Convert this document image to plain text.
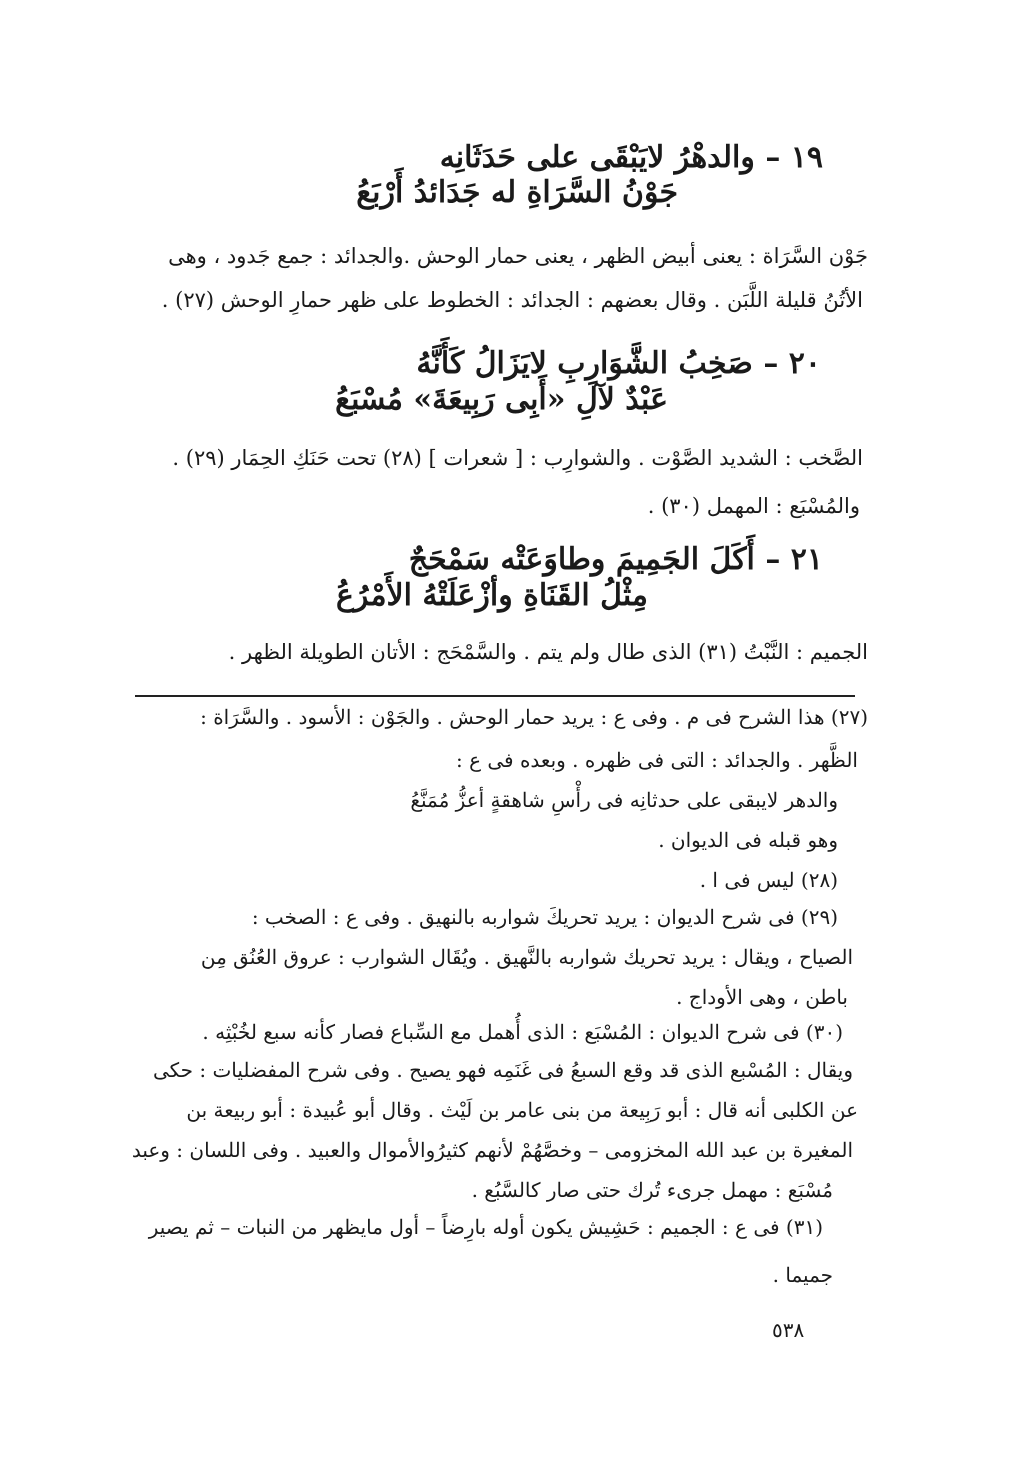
١٩ – والدهْرُ لايَبْقَى على حَدَثَانِه
جَوْنُ السَّرَاةِ له جَدَائدُ أَرْبَعُ
جَوْن السَّرَاة : يعنى أبيض الظهر ، يعنى حمار الوحش .والجدائد : جمع جَدود ، وهى
الأتُنُ قليلة اللَّبَن . وقال بعضهم : الجدائد : الخطوط على ظهر حمارِ الوحش (٢٧) .
٢٠ – صَخِبُ الشَّوَارِبِ لايَزَالُ كَأَنَّهُ
عَبْدٌ لآلِ «أَبِى رَبِيعَةَ» مُسْبَعُ
الصَّخب : الشديد الصَّوْت . والشوارِب : [ شعرات ] (٢٨) تحت حَنَكِ الحِمَار (٢٩) .
والمُسْبَع : المهمل (٣٠) .
٢١ – أَكَلَ الجَمِيمَ وطاوَعَتْه سَمْحَجٌ
مِثْلُ القَنَاةِ وأزْعَلَتْهُ الأَمْرُعُ
الجميم : النَّبْتُ (٣١) الذى طال ولم يتم . والسَّمْحَج : الأتان الطويلة الظهر .
(٢٧) هذا الشرح فى م . وفى ع : يريد حمار الوحش . والجَوْن : الأسود . والسَّرَاة :
الظَّهر . والجدائد : التى فى ظهره . وبعده فى ع :
والدهر لايبقى على حدثانِه فى رأْسِ شاهقةٍ أعزُّ مُمَنَّعُ
وهو قبله فى الديوان .
(٢٨) ليس فى ا .
(٢٩) فى شرح الديوان : يريد تحريكَ شواربه بالنهيق . وفى ع : الصخب :
الصياح ، ويقال : يريد تحريك شواربه بالنَّهيق . ويُقَال الشوارب : عروق العُنُق مِن
باطن ، وهى الأوداج .
(٣٠) فى شرح الديوان : المُسْبَع : الذى أُهمل مع السِّباع فصار كأنه سبع لخُبْثِه .
ويقال : المُسْبع الذى قد وقع السبعُ فى غَنَمِه فهو يصيح . وفى شرح المفضليات : حكى
عن الكلبى أنه قال : أبو رَبِيعة من بنى عامر بن لَيْث . وقال أبو عُبيدة : أبو ربيعة بن
المغيرة بن عبد الله المخزومى – وخصَّهُمْ لأنهم كثيرُوالأموال والعبيد . وفى اللسان : وعبد
مُسْبَع : مهمل جرىء تُرك حتى صار كالسَّبُع .
(٣١) فى ع : الجميم : حَشِيش يكون أوله بارِضاً – أول مايظهر من النبات – ثم يصير
جميما .
٥٣٨
